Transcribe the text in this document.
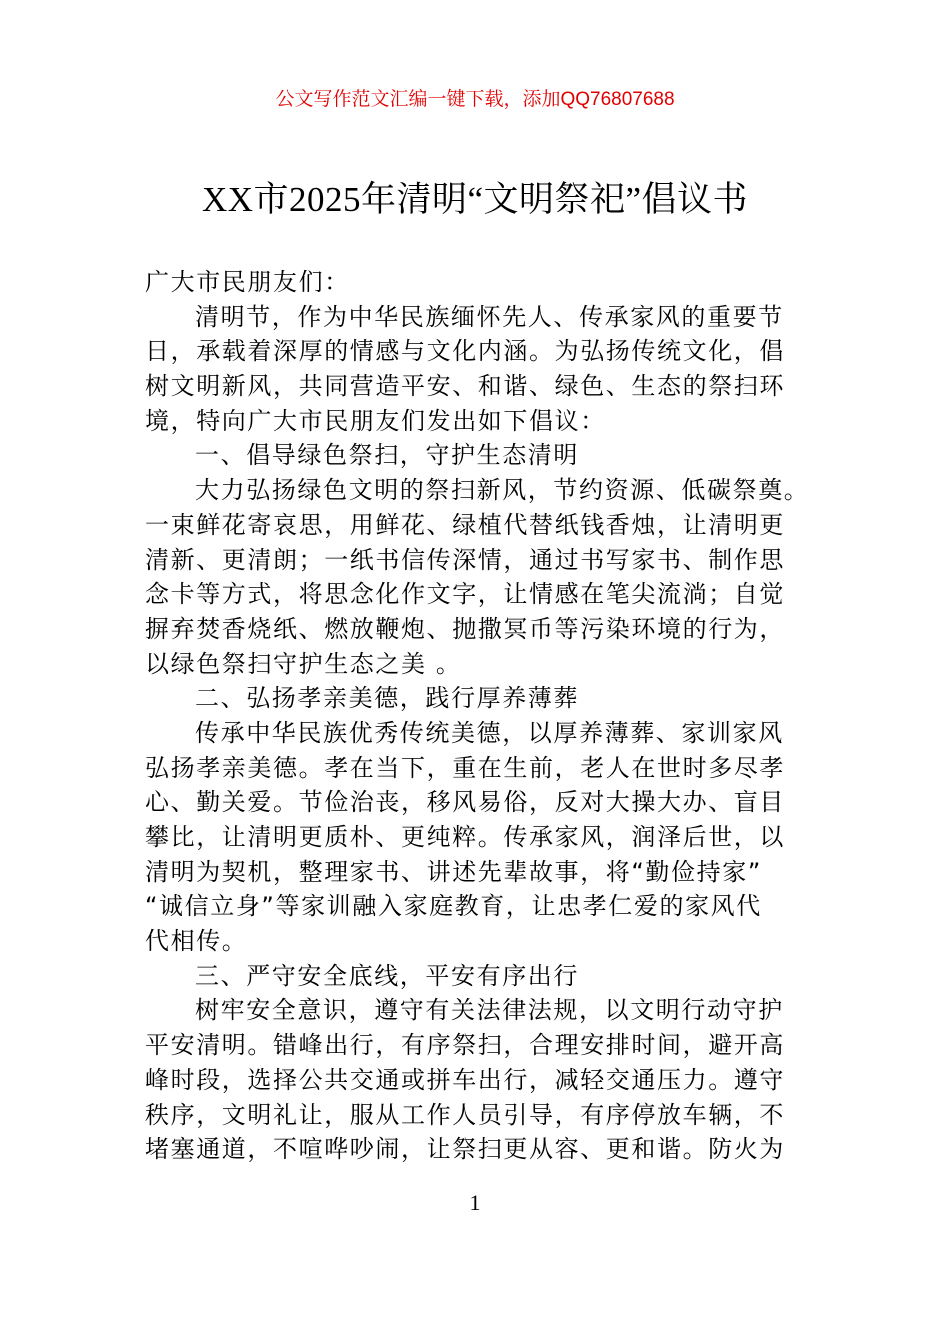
公文写作范文汇编一键下载，添加QQ76807688
XX市2025年清明“文明祭祀”倡议书
广大市民朋友们：
清明节，作为中华民族缅怀先人、传承家风的重要节
日，承载着深厚的情感与文化内涵。为弘扬传统文化，倡
树文明新风，共同营造平安、和谐、绿色、生态的祭扫环
境，特向广大市民朋友们发出如下倡议：
一、倡导绿色祭扫，守护生态清明
大力弘扬绿色文明的祭扫新风，节约资源、低碳祭奠。
一束鲜花寄哀思，用鲜花、绿植代替纸钱香烛，让清明更
清新、更清朗；一纸书信传深情，通过书写家书、制作思
念卡等方式，将思念化作文字，让情感在笔尖流淌；自觉
摒弃焚香烧纸、燃放鞭炮、抛撒冥币等污染环境的行为，
以绿色祭扫守护生态之美 。
二、弘扬孝亲美德，践行厚养薄葬
传承中华民族优秀传统美德，以厚养薄葬、家训家风
弘扬孝亲美德。孝在当下，重在生前，老人在世时多尽孝
心、勤关爱。节俭治丧，移风易俗，反对大操大办、盲目
攀比，让清明更质朴、更纯粹。传承家风，润泽后世，以
清明为契机，整理家书、讲述先辈故事，将“勤俭持家”
“诚信立身”等家训融入家庭教育，让忠孝仁爱的家风代
代相传。
三、严守安全底线，平安有序出行
树牢安全意识，遵守有关法律法规，以文明行动守护
平安清明。错峰出行，有序祭扫，合理安排时间，避开高
峰时段，选择公共交通或拼车出行，减轻交通压力。遵守
秩序，文明礼让，服从工作人员引导，有序停放车辆，不
堵塞通道，不喧哗吵闹，让祭扫更从容、更和谐。防火为
1
